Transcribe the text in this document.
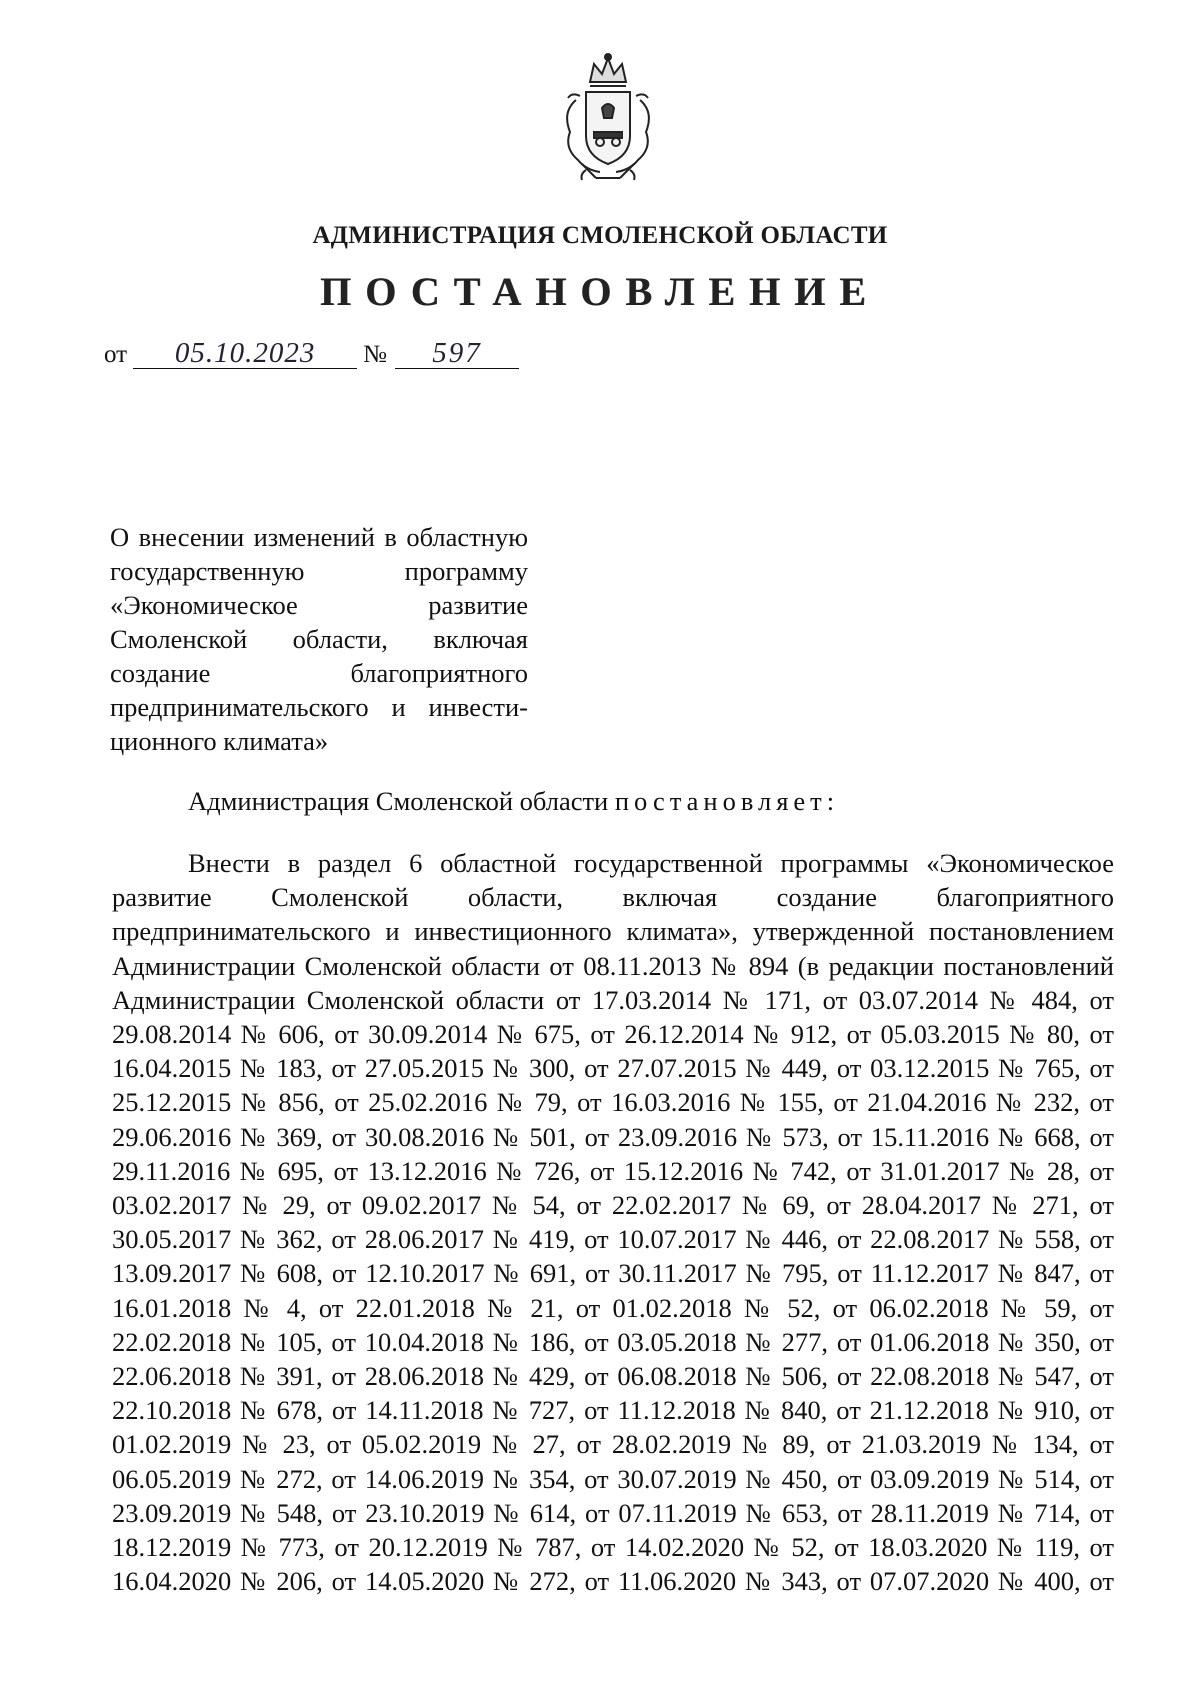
АДМИНИСТРАЦИЯ СМОЛЕНСКОЙ ОБЛАСТИ
ПОСТАНОВЛЕНИЕ
от	05.10.2023	№	597

О внесении изменений в областную государственную программу «Экономическое развитие Смоленской области, включая создание благоприятного предпринимательского и инвестиционного климата»

Администрация Смоленской области постановляет:

Внести в раздел 6 областной государственной программы «Экономическое развитие Смоленской области, включая создание благоприятного предпринимательского и инвестиционного климата», утвержденной постановлением Администрации Смоленской области от 08.11.2013 № 894 (в редакции постановлений Администрации Смоленской области от 17.03.2014 № 171, от 03.07.2014 № 484, от 29.08.2014 № 606, от 30.09.2014 № 675, от 26.12.2014 № 912, от 05.03.2015 № 80, от 16.04.2015 № 183, от 27.05.2015 № 300, от 27.07.2015 № 449, от 03.12.2015 № 765, от 25.12.2015 № 856, от 25.02.2016 № 79, от 16.03.2016 № 155, от 21.04.2016 № 232, от 29.06.2016 № 369, от 30.08.2016 № 501, от 23.09.2016 № 573, от 15.11.2016 № 668, от 29.11.2016 № 695, от 13.12.2016 № 726, от 15.12.2016 № 742, от 31.01.2017 № 28, от 03.02.2017 № 29, от 09.02.2017 № 54, от 22.02.2017 № 69, от 28.04.2017 № 271, от 30.05.2017 № 362, от 28.06.2017 № 419, от 10.07.2017 № 446, от 22.08.2017 № 558, от 13.09.2017 № 608, от 12.10.2017 № 691, от 30.11.2017 № 795, от 11.12.2017 № 847, от 16.01.2018 № 4, от 22.01.2018 № 21, от 01.02.2018 № 52, от 06.02.2018 № 59, от 22.02.2018 № 105, от 10.04.2018 № 186, от 03.05.2018 № 277, от 01.06.2018 № 350, от 22.06.2018 № 391, от 28.06.2018 № 429, от 06.08.2018 № 506, от 22.08.2018 № 547, от 22.10.2018 № 678, от 14.11.2018 № 727, от 11.12.2018 № 840, от 21.12.2018 № 910, от 01.02.2019 № 23, от 05.02.2019 № 27, от 28.02.2019 № 89, от 21.03.2019 № 134, от 06.05.2019 № 272, от 14.06.2019 № 354, от 30.07.2019 № 450, от 03.09.2019 № 514, от 23.09.2019 № 548, от 23.10.2019 № 614, от 07.11.2019 № 653, от 28.11.2019 № 714, от 18.12.2019 № 773, от 20.12.2019 № 787, от 14.02.2020 № 52, от 18.03.2020 № 119, от 16.04.2020 № 206, от 14.05.2020 № 272, от 11.06.2020 № 343, от 07.07.2020 № 400, от
